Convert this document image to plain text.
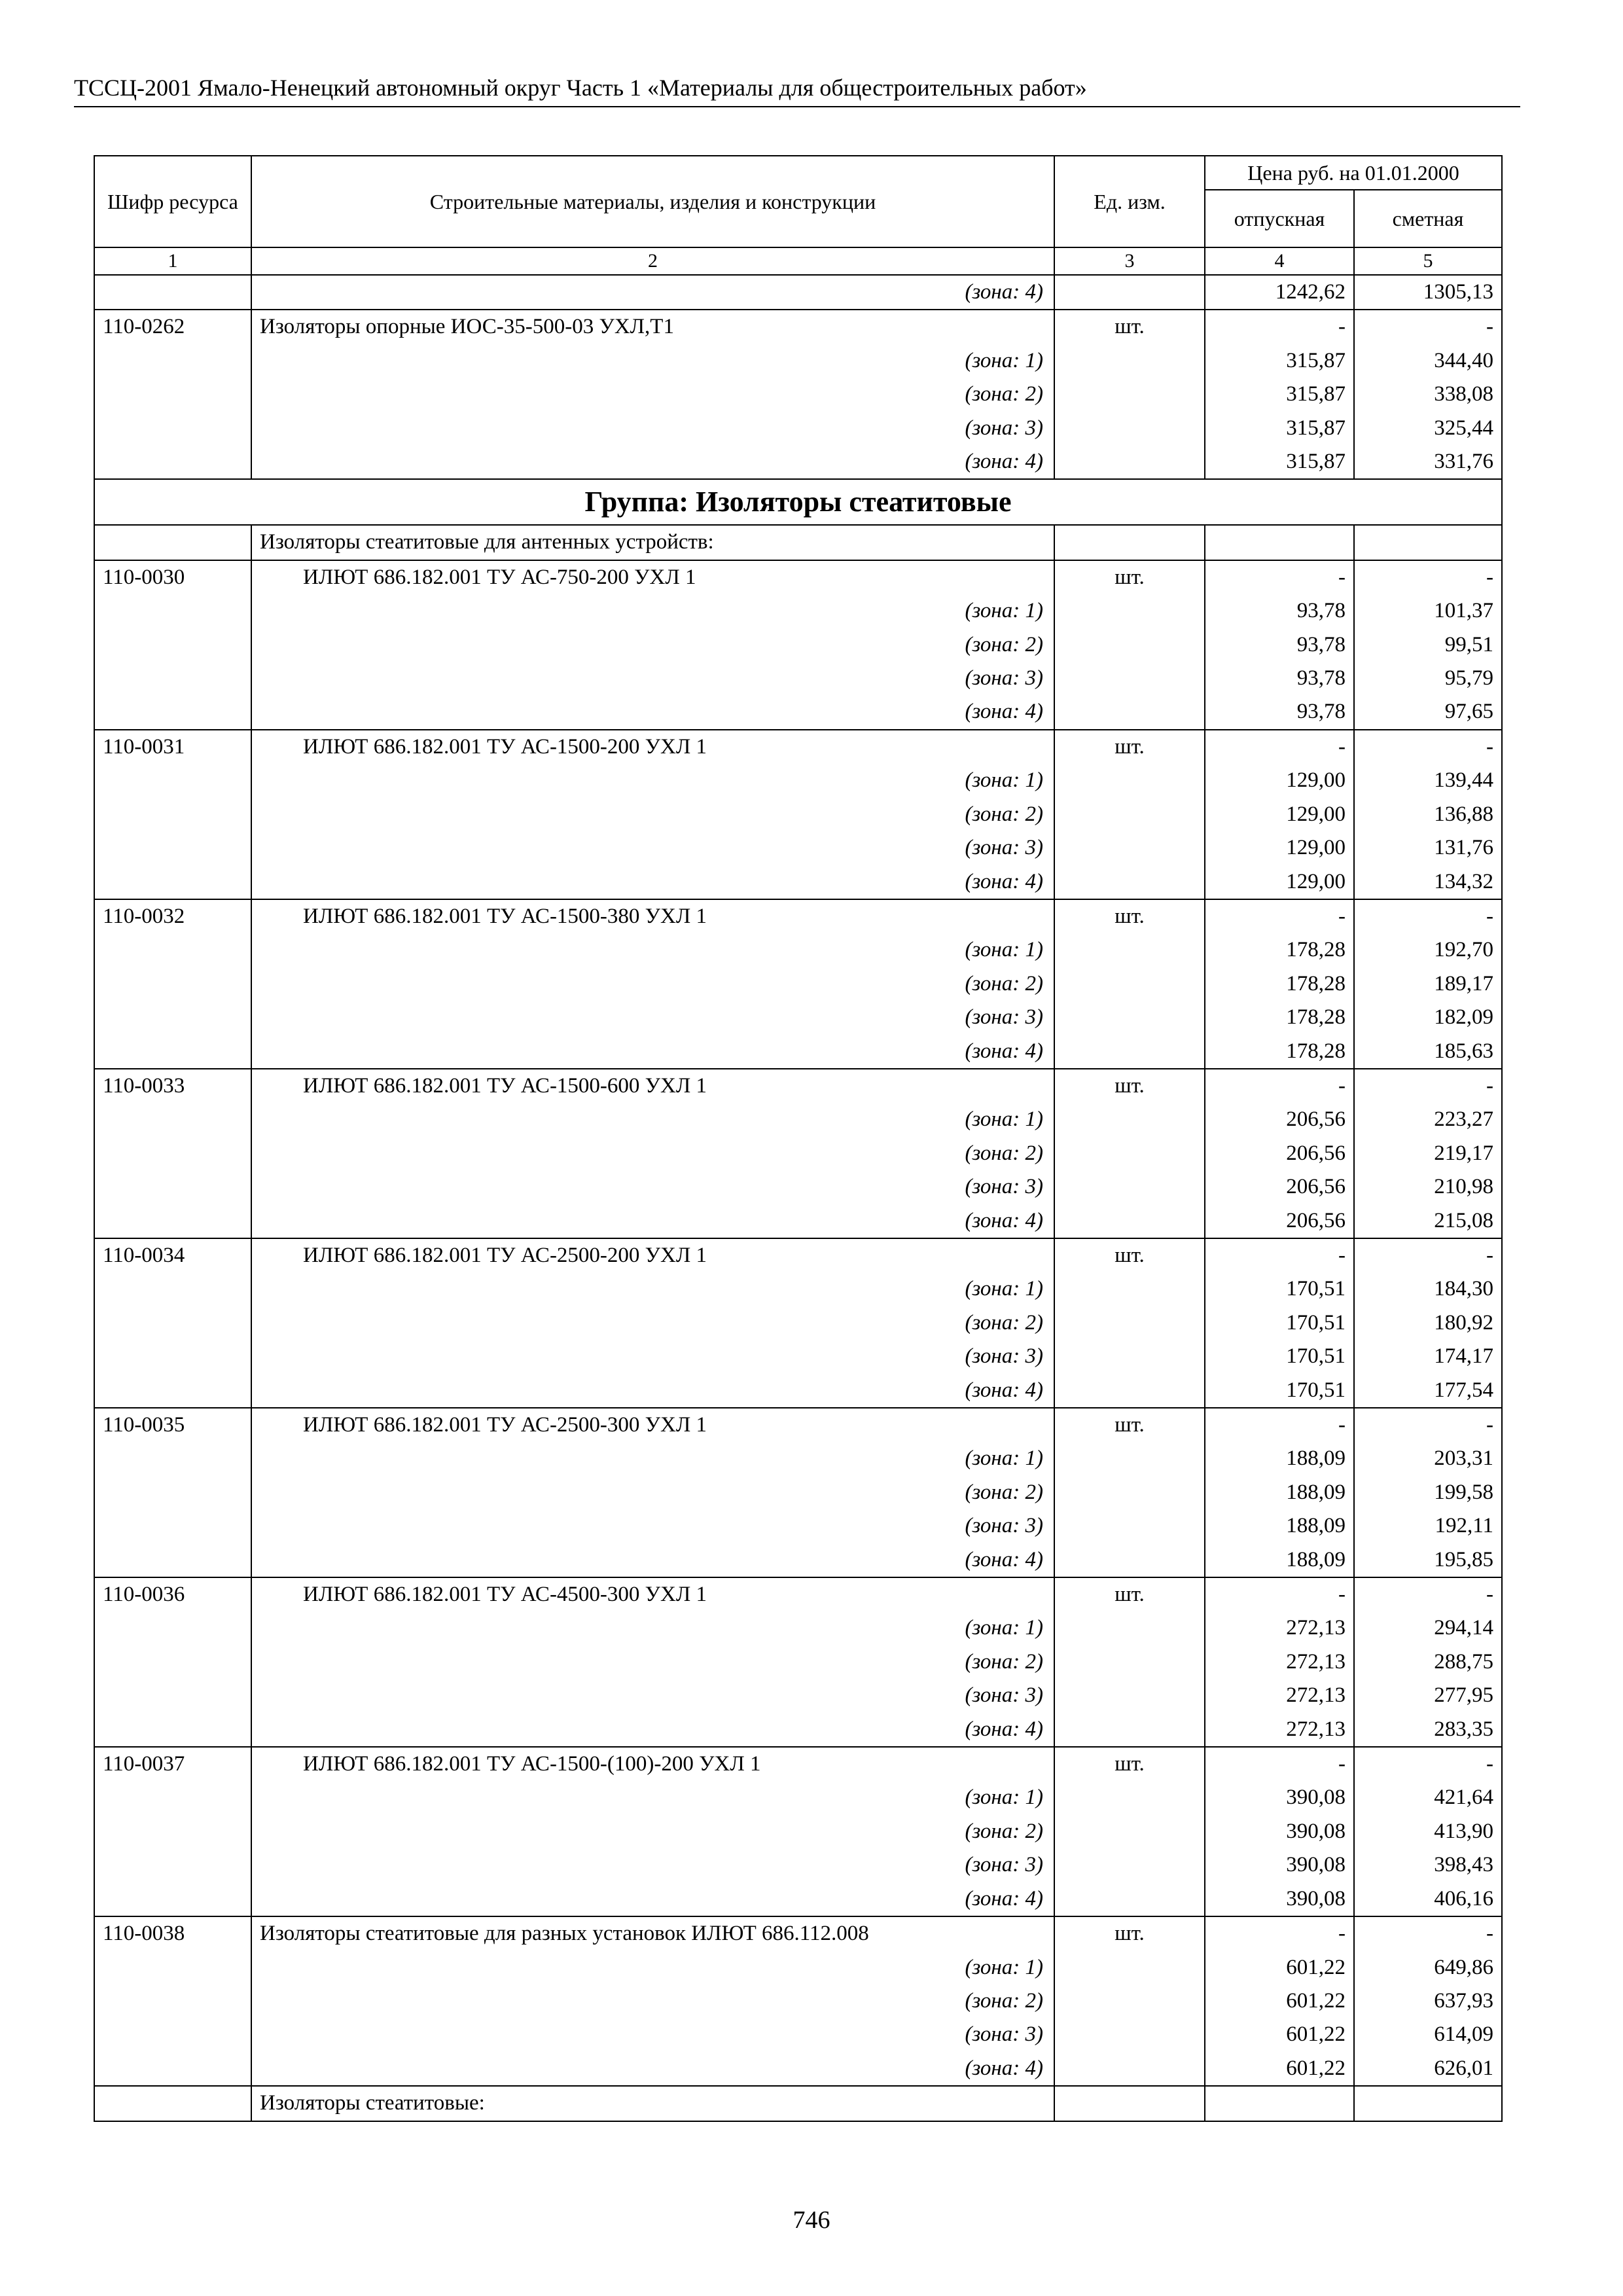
ТССЦ-2001 Ямало-Ненецкий автономный округ Часть 1 «Материалы для общестроительных работ»
Шифр ресурса	Строительные материалы, изделия и конструкции	Ед. изм.	Цена руб. на 01.01.2000	
			отпускная	сметная
1	2	3	4	5
	(зона: 4)		1242,62	1305,13
110-0262	Изоляторы опорные ИОС-35-500-03 УХЛ,Т1	шт.	-	-
	(зона: 1)		315,87	344,40
	(зона: 2)		315,87	338,08
	(зона: 3)		315,87	325,44
	(зона: 4)		315,87	331,76
Группа: Изоляторы стеатитовые				
	Изоляторы стеатитовые для антенных устройств:			
110-0030	ИЛЮТ 686.182.001 ТУ АС-750-200 УХЛ 1	шт.	-	-
	(зона: 1)		93,78	101,37
	(зона: 2)		93,78	99,51
	(зона: 3)		93,78	95,79
	(зона: 4)		93,78	97,65
110-0031	ИЛЮТ 686.182.001 ТУ АС-1500-200 УХЛ 1	шт.	-	-
	(зона: 1)		129,00	139,44
	(зона: 2)		129,00	136,88
	(зона: 3)		129,00	131,76
	(зона: 4)		129,00	134,32
110-0032	ИЛЮТ 686.182.001 ТУ АС-1500-380 УХЛ 1	шт.	-	-
	(зона: 1)		178,28	192,70
	(зона: 2)		178,28	189,17
	(зона: 3)		178,28	182,09
	(зона: 4)		178,28	185,63
110-0033	ИЛЮТ 686.182.001 ТУ АС-1500-600 УХЛ 1	шт.	-	-
	(зона: 1)		206,56	223,27
	(зона: 2)		206,56	219,17
	(зона: 3)		206,56	210,98
	(зона: 4)		206,56	215,08
110-0034	ИЛЮТ 686.182.001 ТУ АС-2500-200 УХЛ 1	шт.	-	-
	(зона: 1)		170,51	184,30
	(зона: 2)		170,51	180,92
	(зона: 3)		170,51	174,17
	(зона: 4)		170,51	177,54
110-0035	ИЛЮТ 686.182.001 ТУ АС-2500-300 УХЛ 1	шт.	-	-
	(зона: 1)		188,09	203,31
	(зона: 2)		188,09	199,58
	(зона: 3)		188,09	192,11
	(зона: 4)		188,09	195,85
110-0036	ИЛЮТ 686.182.001 ТУ АС-4500-300 УХЛ 1	шт.	-	-
	(зона: 1)		272,13	294,14
	(зона: 2)		272,13	288,75
	(зона: 3)		272,13	277,95
	(зона: 4)		272,13	283,35
110-0037	ИЛЮТ 686.182.001 ТУ АС-1500-(100)-200 УХЛ 1	шт.	-	-
	(зона: 1)		390,08	421,64
	(зона: 2)		390,08	413,90
	(зона: 3)		390,08	398,43
	(зона: 4)		390,08	406,16
110-0038	Изоляторы стеатитовые для разных установок ИЛЮТ 686.112.008	шт.	-	-
	(зона: 1)		601,22	649,86
	(зона: 2)		601,22	637,93
	(зона: 3)		601,22	614,09
	(зона: 4)		601,22	626,01
	Изоляторы стеатитовые:			
746
